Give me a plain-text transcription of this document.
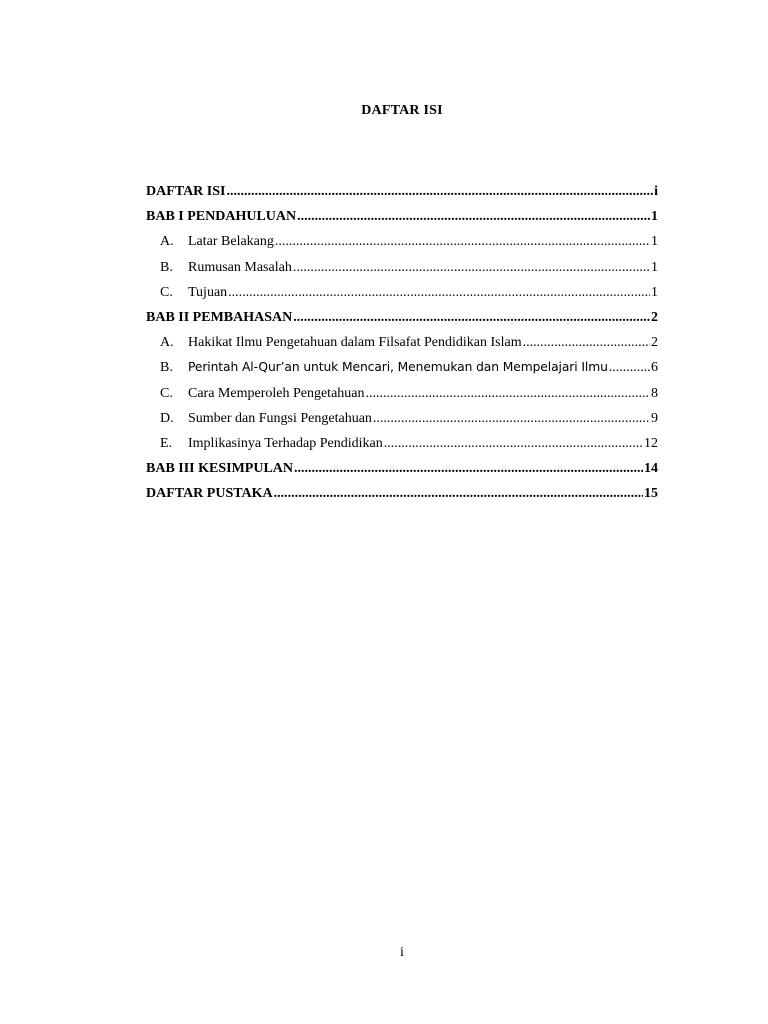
DAFTAR ISI
DAFTAR ISI .....	i
BAB I PENDAHULUAN .....	1
A.	Latar Belakang .....	1
B.	Rumusan Masalah .....	1
C.	Tujuan .....	1
BAB II PEMBAHASAN .....	2
A.	Hakikat Ilmu Pengetahuan dalam Filsafat Pendidikan Islam .....	2
B.	Perintah Al-Qur’an untuk Mencari, Menemukan dan Mempelajari Ilmu .....	6
C.	Cara Memperoleh Pengetahuan .....	8
D.	Sumber dan Fungsi Pengetahuan .....	9
E.	Implikasinya Terhadap Pendidikan .....	12
BAB III KESIMPULAN .....	14
DAFTAR PUSTAKA .....	15
i
